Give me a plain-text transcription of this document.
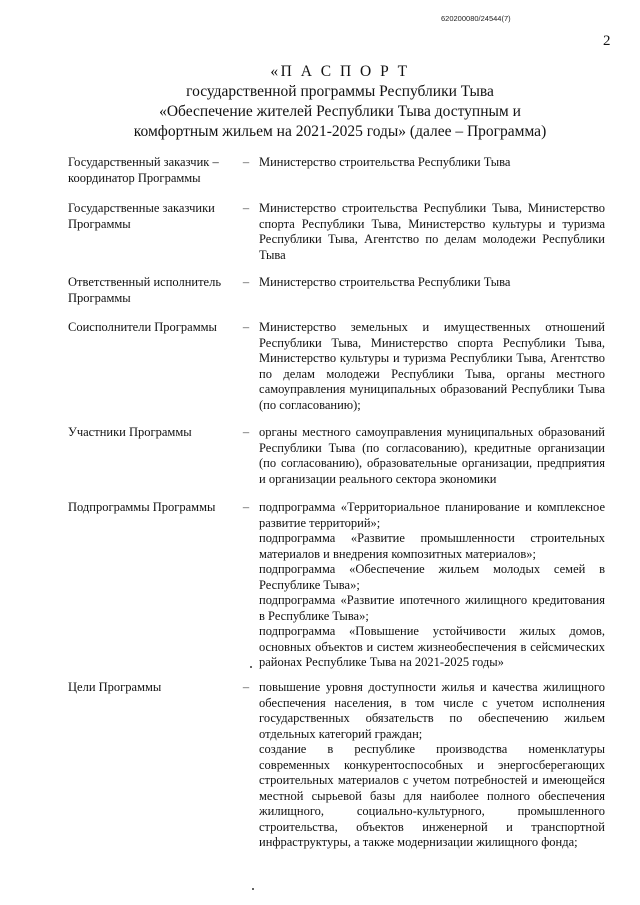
620200080/24544(7)
2
«П А С П О Р Т
государственной программы Республики Тыва
«Обеспечение жителей Республики Тыва доступным и
комфортным жильем на 2021-2025 годы» (далее – Программа)
Государственный заказчик – координатор Программы
– Министерство строительства Республики Тыва

Государственные заказчики Программы
– Министерство строительства Республики Тыва, Министерство спорта Республики Тыва, Министерство культуры и туризма Республики Тыва, Агентство по делам молодежи Республики Тыва

Ответственный исполнитель Программы
– Министерство строительства Республики Тыва

Соисполнители Программы	– Министерство земельных и имущественных отношений Республики Тыва, Министерство спорта Республики Тыва, Министерство культуры и туризма Республики Тыва, Агентство по делам молодежи Республики Тыва, органы местного самоуправления муниципальных образований Республики Тыва (по согласованию);

Участники Программы	– органы местного самоуправления муниципальных образований Республики Тыва (по согласованию), кредитные организации (по согласованию), образовательные организации, предприятия и организации реального сектора экономики

Подпрограммы Программы	– подпрограмма «Территориальное планирование и комплексное развитие территорий»;

подпрограмма «Развитие промышленности строительных материалов и внедрения композитных материалов»;

подпрограмма «Обеспечение жильем молодых семей в Республике Тыва»;

подпрограмма «Развитие ипотечного жилищного кредитования в Республике Тыва»;

подпрограмма «Повышение устойчивости жилых домов, основных объектов и систем жизнеобеспечения в сейсмических районах Республике Тыва на 2021-2025 годы»

Цели Программы	– повышение уровня доступности жилья и качества жилищного обеспечения населения, в том числе с учетом исполнения государственных обязательств по обеспечению жильем отдельных категорий граждан;

создание в республике производства номенклатуры современных конкурентоспособных и энергосберегающих строительных материалов с учетом потребностей и имеющейся местной сырьевой базы для наиболее полного обеспечения жилищного, социально-культурного, промышленного строительства, объектов инженерной и транспортной инфраструктуры, а также модернизации жилищного фонда;
